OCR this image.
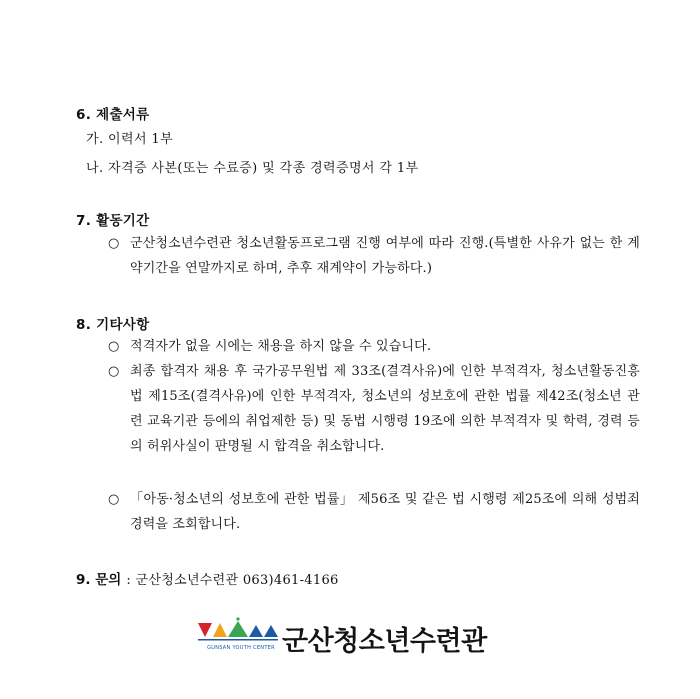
6. 제출서류
가. 이력서 1부
나. 자격증 사본(또는 수료증) 및 각종 경력증명서 각 1부
7. 활동기간
○ 군산청소년수련관 청소년활동프로그램 진행 여부에 따라 진행.(특별한 사유가 없는 한 계약기간을 연말까지로 하며, 추후 재계약이 가능하다.)
8. 기타사항
○ 적격자가 없을 시에는 채용을 하지 않을 수 있습니다.
○ 최종 합격자 채용 후 국가공무원법 제 33조(결격사유)에 인한 부적격자, 청소년활동진흥법 제15조(결격사유)에 인한 부적격자, 청소년의 성보호에 관한 법률 제42조(청소년 관련 교육기관 등에의 취업제한 등) 및 동법 시행령 19조에 의한 부적격자 및 학력, 경력 등의 허위사실이 판명될 시 합격을 취소합니다.
○ 「아동·청소년의 성보호에 관한 법률」 제56조 및 같은 법 시행령 제25조에 의해 성범죄경력을 조회합니다.
9. 문의 : 군산청소년수련관 063)461-4166
GUNSAN YOUTH CENTER 군산청소년수련관
